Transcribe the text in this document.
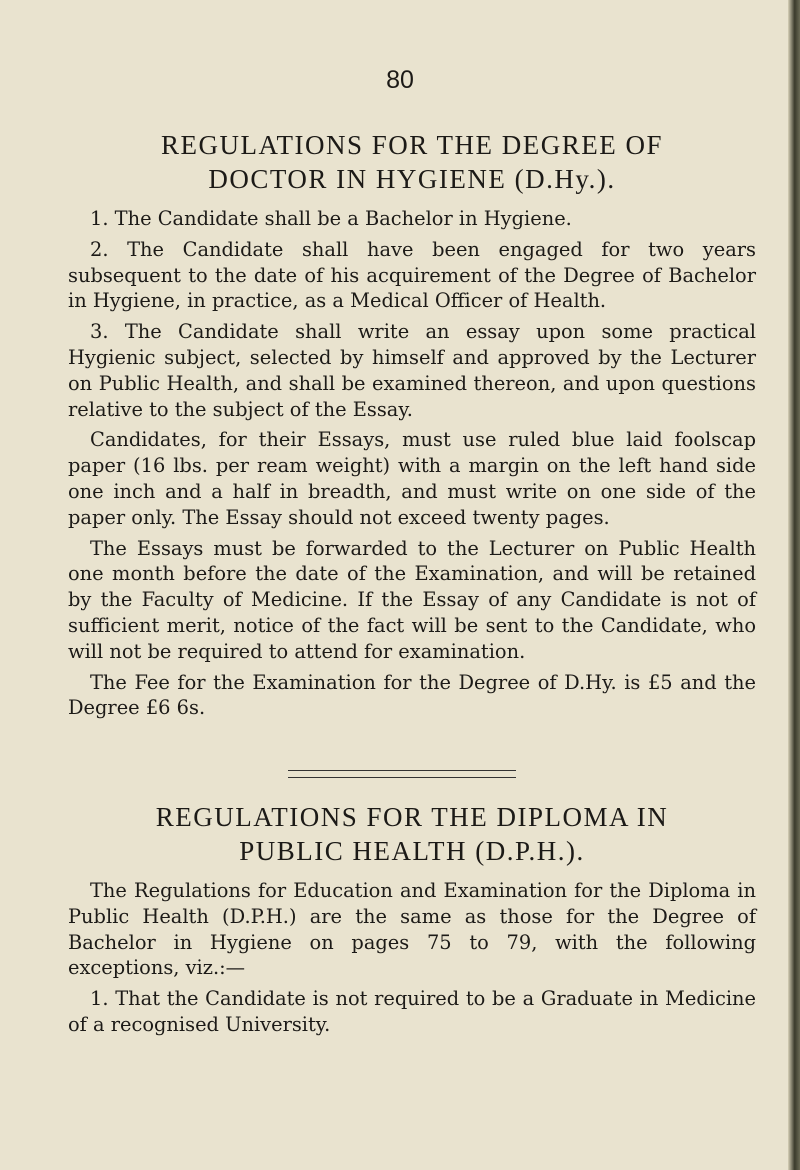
80
REGULATIONS FOR THE DEGREE OF
DOCTOR IN HYGIENE (D.Hy.).

1. The Candidate shall be a Bachelor in Hygiene.

2. The Candidate shall have been engaged for two years subsequent to the date of his acquirement of the Degree of Bachelor in Hygiene, in practice, as a Medical Officer of Health.

3. The Candidate shall write an essay upon some practical Hygienic subject, selected by himself and approved by the Lecturer on Public Health, and shall be examined thereon, and upon questions relative to the subject of the Essay.

Candidates, for their Essays, must use ruled blue laid foolscap paper (16 lbs. per ream weight) with a margin on the left hand side one inch and a half in breadth, and must write on one side of the paper only. The Essay should not exceed twenty pages.

The Essays must be forwarded to the Lecturer on Public Health one month before the date of the Examination, and will be retained by the Faculty of Medicine. If the Essay of any Candidate is not of sufficient merit, notice of the fact will be sent to the Candidate, who will not be required to attend for examination.

The Fee for the Examination for the Degree of D.Hy. is £5 and the Degree £6 6s.

REGULATIONS FOR THE DIPLOMA IN
PUBLIC HEALTH (D.P.H.).

The Regulations for Education and Examination for the Diploma in Public Health (D.P.H.) are the same as those for the Degree of Bachelor in Hygiene on pages 75 to 79, with the following exceptions, viz.:—

1. That the Candidate is not required to be a Graduate in Medicine of a recognised University.
